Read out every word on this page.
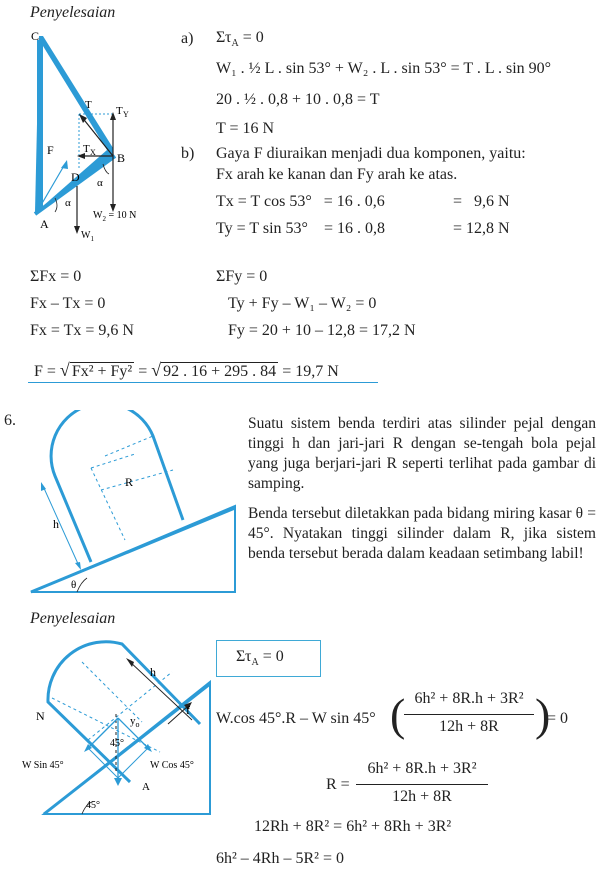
Penyelesaian
C
T T Y
T X
F
B
D α
α
A
$W_2 = 10$ N
$W_1$
a) $\Sigma\tau_A = 0$
W₁ . ½ L . sin 53° + W₂ . L . sin 53° = T . L . sin 90°
20 . ½ . 0,8 + 10 . 0,8 = T
T = 16 N
b) Gaya F diuraikan menjadi dua komponen, yaitu:
Fx arah ke kanan dan Fy arah ke atas.
Tx = T cos 53°   = 16 . 0,6	=   9,6 N
Ty = T sin 53°    = 16 . 0,8	= 12,8 N
ΣFx = 0
Fx – Tx = 0
Fx = Tx = 9,6 N
ΣFy = 0
Ty + Fy – W₁ – W₂ = 0
Fy = 20 + 10 – 12,8 = 17,2 N
F = √ Fx² + Fy² = √ 92 . 16 + 295 . 84 = 19,7 N
6.
R
h
θ
Suatu sistem benda terdiri atas silinder pejal dengan tinggi h dan jari-jari R dengan se-tengah bola pejal yang juga berjari-jari R seperti terlihat pada gambar di samping.
Benda tersebut diletakkan pada bidang miring kasar θ = 45°. Nyatakan tinggi silinder dalam R, jika sistem benda tersebut berada dalam keadaan setimbang labil!
Penyelesaian
h
N	$y_o$
f
45°
W Sin 45°	W Cos 45°
A
45°
$\Sigma\tau_A = 0$
W.cos 45°.R – W sin 45° ( 6h² + 8R.h + 3R²
12h + 8R )
= 0
R =
6h² + 8R.h + 3R²
12h + 8R
12Rh + 8R² = 6h² + 8Rh + 3R²
6h² – 4Rh – 5R² = 0
